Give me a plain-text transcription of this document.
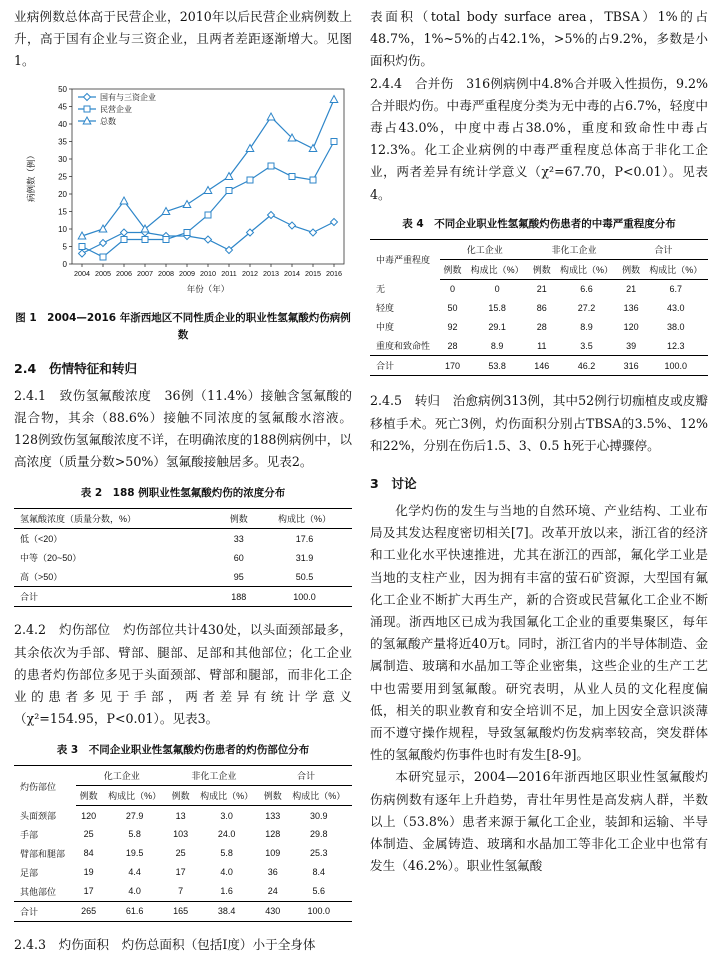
业病例数总体高于民营企业，2010年以后民营企业病例数上升，高于国有企业与三资企业，且两者差距逐渐增大。见图1。

0
5
10
15
20
25
30
35
40
45
50
2004 2005 2006 2007 2008 2009 2010 2011 2012 2013 2014 2015 2016
年份（年）
病例数（例）
国有与三资企业
民营企业
总数
图 1　2004—2016 年浙西地区不同性质企业的职业性氢氟酸灼伤病例数
2.4　伤情特征和转归

2.4.1　致伤氢氟酸浓度　36例（11.4%）接触含氢氟酸的混合物，其余（88.6%）接触不同浓度的氢氟酸水溶液。128例致伤氢氟酸浓度不详，在明确浓度的188例病例中，以高浓度（质量分数>50%）氢氟酸接触居多。见表2。

表 2　188 例职业性氢氟酸灼伤的浓度分布
氢氟酸浓度（质量分数，%）	例数	构成比（%）
低（<20）	33	17.6
中等（20~50）	60	31.9
高（>50）	95	50.5
合计	188	100.0

2.4.2　灼伤部位　灼伤部位共计430处，以头面颈部最多，其余依次为手部、臂部、腿部、足部和其他部位；化工企业的患者灼伤部位多见于头面颈部、臂部和腿部，而非化工企业的患者多见于手部，两者差异有统计学意义（χ²=154.95，P<0.01）。见表3。

表 3　不同企业职业性氢氟酸灼伤患者的灼伤部位分布
灼伤部位	化工企业		非化工企业		合计	
	例数	构成比（%）	例数	构成比（%）	例数	构成比（%）
头面颈部	120	27.9	13	3.0	133	30.9
手部	25	5.8	103	24.0	128	29.8
臂部和腿部	84	19.5	25	5.8	109	25.3
足部	19	4.4	17	4.0	36	8.4
其他部位	17	4.0	7	1.6	24	5.6
合计	265	61.6	165	38.4	430	100.0

2.4.3　灼伤面积　灼伤总面积（包括Ⅰ度）小于全身体

表面积（total body surface area，TBSA）1%的占48.7%，1%~5%的占42.1%，>5%的占9.2%，多数是小面积灼伤。

2.4.4　合并伤　316例病例中4.8%合并吸入性损伤，9.2%合并眼灼伤。中毒严重程度分类为无中毒的占6.7%，轻度中毒占43.0%，中度中毒占38.0%，重度和致命性中毒占12.3%。化工企业病例的中毒严重程度总体高于非化工企业，两者差异有统计学意义（χ²=67.70，P<0.01）。见表4。

表 4　不同企业职业性氢氟酸灼伤患者的中毒严重程度分布
中毒严重程度	化工企业		非化工企业		合计	
	例数	构成比（%）	例数	构成比（%）	例数	构成比（%）
无	0	0	21	6.6	21	6.7
轻度	50	15.8	86	27.2	136	43.0
中度	92	29.1	28	8.9	120	38.0
重度和致命性	28	8.9	11	3.5	39	12.3
合计	170	53.8	146	46.2	316	100.0

2.4.5　转归　治愈病例313例，其中52例行切痂植皮或皮瓣移植手术。死亡3例，灼伤面积分别占TBSA的3.5%、12%和22%，分别在伤后1.5、3、0.5 h死于心搏骤停。

3　讨论

化学灼伤的发生与当地的自然环境、产业结构、工业布局及其发达程度密切相关[7]。改革开放以来，浙江省的经济和工业化水平快速推进，尤其在浙江的西部，氟化学工业是当地的支柱产业，因为拥有丰富的萤石矿资源，大型国有氟化工企业不断扩大再生产，新的合资或民营氟化工企业不断涌现。浙西地区已成为我国氟化工企业的重要集聚区，每年的氢氟酸产量将近40万t。同时，浙江省内的半导体制造、金属制造、玻璃和水晶加工等企业密集，这些企业的生产工艺中也需要用到氢氟酸。研究表明，从业人员的文化程度偏低，相关的职业教育和安全培训不足，加上因安全意识淡薄而不遵守操作规程，导致氢氟酸灼伤发病率较高，突发群体性的氢氟酸灼伤事件也时有发生[8-9]。

本研究显示，2004—2016年浙西地区职业性氢氟酸灼伤病例数有逐年上升趋势，青壮年男性是高发病人群，半数以上（53.8%）患者来源于氟化工企业，装卸和运输、半导体制造、金属铸造、玻璃和水晶加工等非化工企业中也常有发生（46.2%）。职业性氢氟酸
